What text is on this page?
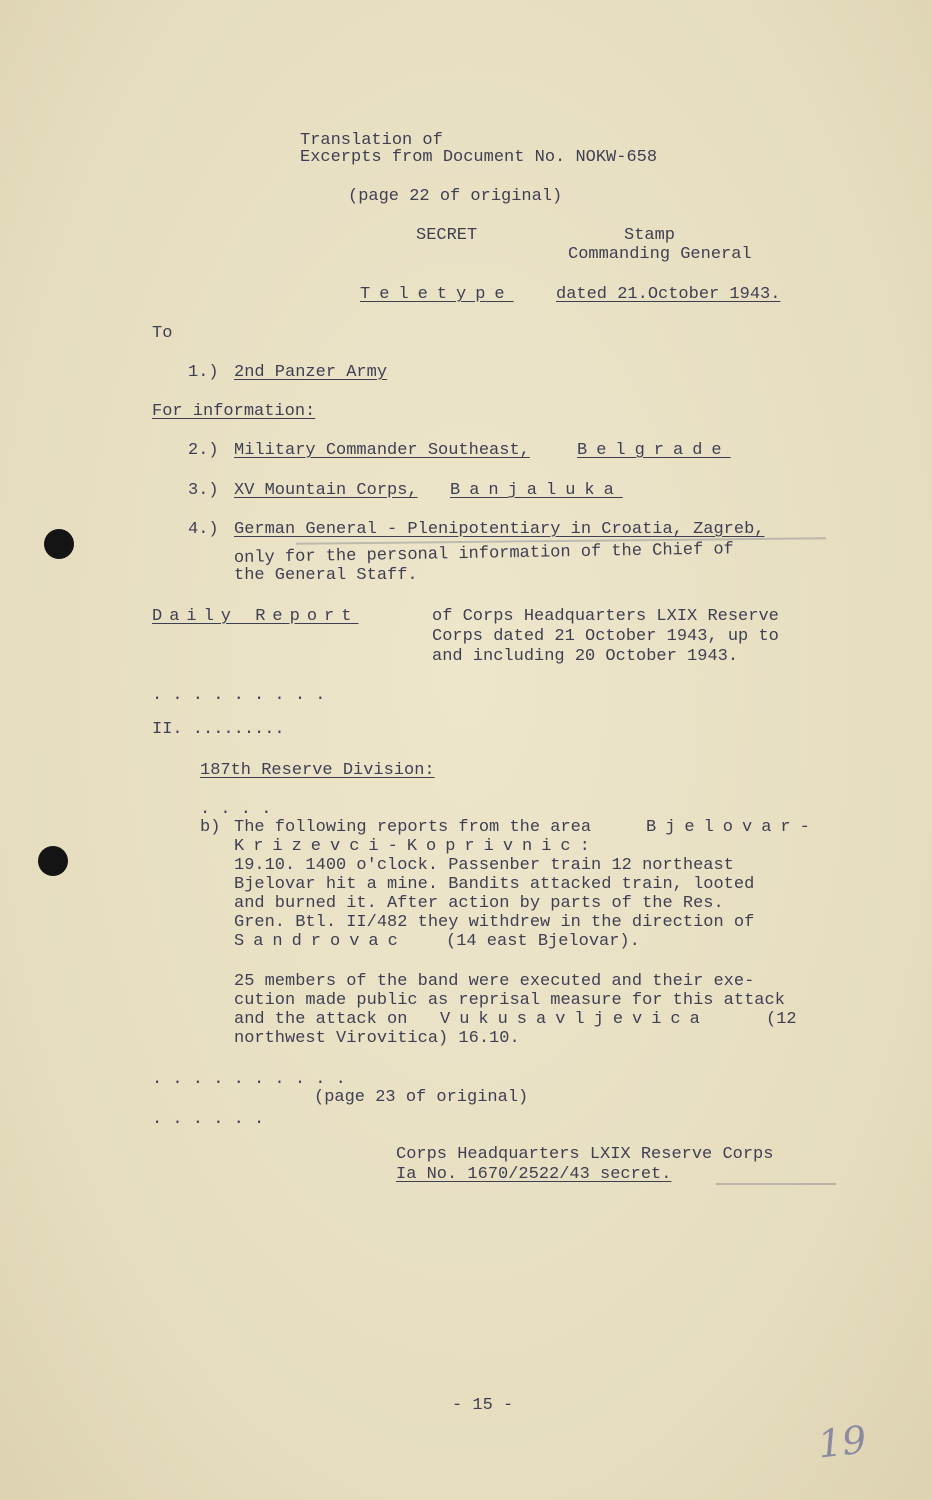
Translation of
Excerpts from Document No. NOKW-658
(page 22 of original)
SECRET	Stamp
Commanding General
Teletype dated 21.October 1943.
To
1.) 2nd Panzer Army
For information:
2.) Military Commander Southeast,	Belgrade
3.) XV Mountain Corps, Banjaluka
4.) German General - Plenipotentiary in Croatia, Zagreb,
only for the personal information of the Chief of
the General Staff.
Daily Report	of Corps Headquarters LXIX Reserve
Corps dated 21 October 1943, up to
and including 20 October 1943.
. . . . . . . . .
II. .........
187th Reserve Division:
. . . .
b) The following reports from the area	Bjelovar-
Krizevci-Koprivnic:
19.10. 1400 o'clock. Passenber train 12 northeast
Bjelovar hit a mine. Bandits attacked train, looted
and burned it. After action by parts of the Res.
Gren. Btl. II/482 they withdrew in the direction of
Sandrovac (14 east Bjelovar).
25 members of the band were executed and their exe-
cution made public as reprisal measure for this attack
and the attack on Vukusavljevica	(12
northwest Virovitica) 16.10.
. . . . . . . . . .
(page 23 of original)
. . . . . .
Corps Headquarters LXIX Reserve Corps
Ia No. 1670/2522/43 secret.
- 15 -
19
